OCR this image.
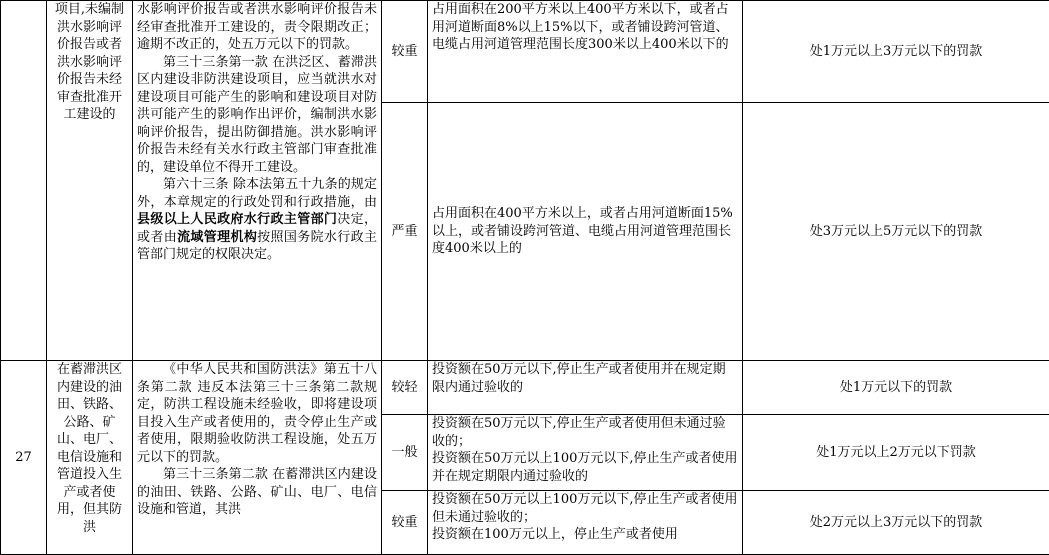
	项目,未编制洪水影响评价报告或者洪水影响评价报告未经审查批准开工建设的	水影响评价报告或者洪水影响评价报告未经审查批准开工建设的，责令限期改正；逾期不改正的，处五万元以下的罚款。
第三十三条第一款 在洪泛区、蓄滞洪区内建设非防洪建设项目，应当就洪水对建设项目可能产生的影响和建设项目对防洪可能产生的影响作出评价，编制洪水影响评价报告，提出防御措施。洪水影响评价报告未经有关水行政主管部门审查批准的，建设单位不得开工建设。
第六十三条 除本法第五十九条的规定外，本章规定的行政处罚和行政措施，由县级以上人民政府水行政主管部门决定，或者由流域管理机构按照国务院水行政主管部门规定的权限决定。	较重	占用面积在200平方米以上400平方米以下，或者占用河道断面8%以上15%以下，或者铺设跨河管道、电缆占用河道管理范围长度300米以上400米以下的	处1万元以上3万元以下的罚款
			严重	占用面积在400平方米以上，或者占用河道断面15%以上，或者铺设跨河管道、电缆占用河道管理范围长度400米以上的	处3万元以上5万元以下的罚款
27	在蓄滞洪区内建设的油田、铁路、公路、矿山、电厂、电信设施和管道投入生产或者使用，但其防洪	《中华人民共和国防洪法》第五十八条第二款 违反本法第三十三条第二款规定，防洪工程设施未经验收，即将建设项目投入生产或者使用的，责令停止生产或者使用，限期验收防洪工程设施，处五万元以下的罚款。
第三十三条第二款 在蓄滞洪区内建设的油田、铁路、公路、矿山、电厂、电信设施和管道，其洪	较轻	投资额在50万元以下,停止生产或者使用并在规定期限内通过验收的	处1万元以下的罚款
			一般	投资额在50万元以下,停止生产或者使用但未通过验收的；
投资额在50万元以上100万元以下,停止生产或者使用并在规定期限内通过验收的	处1万元以上2万元以下罚款
			较重	投资额在50万元以上100万元以下,停止生产或者使用但未通过验收的；
投资额在100万元以上，停止生产或者使用	处2万元以上3万元以下的罚款
